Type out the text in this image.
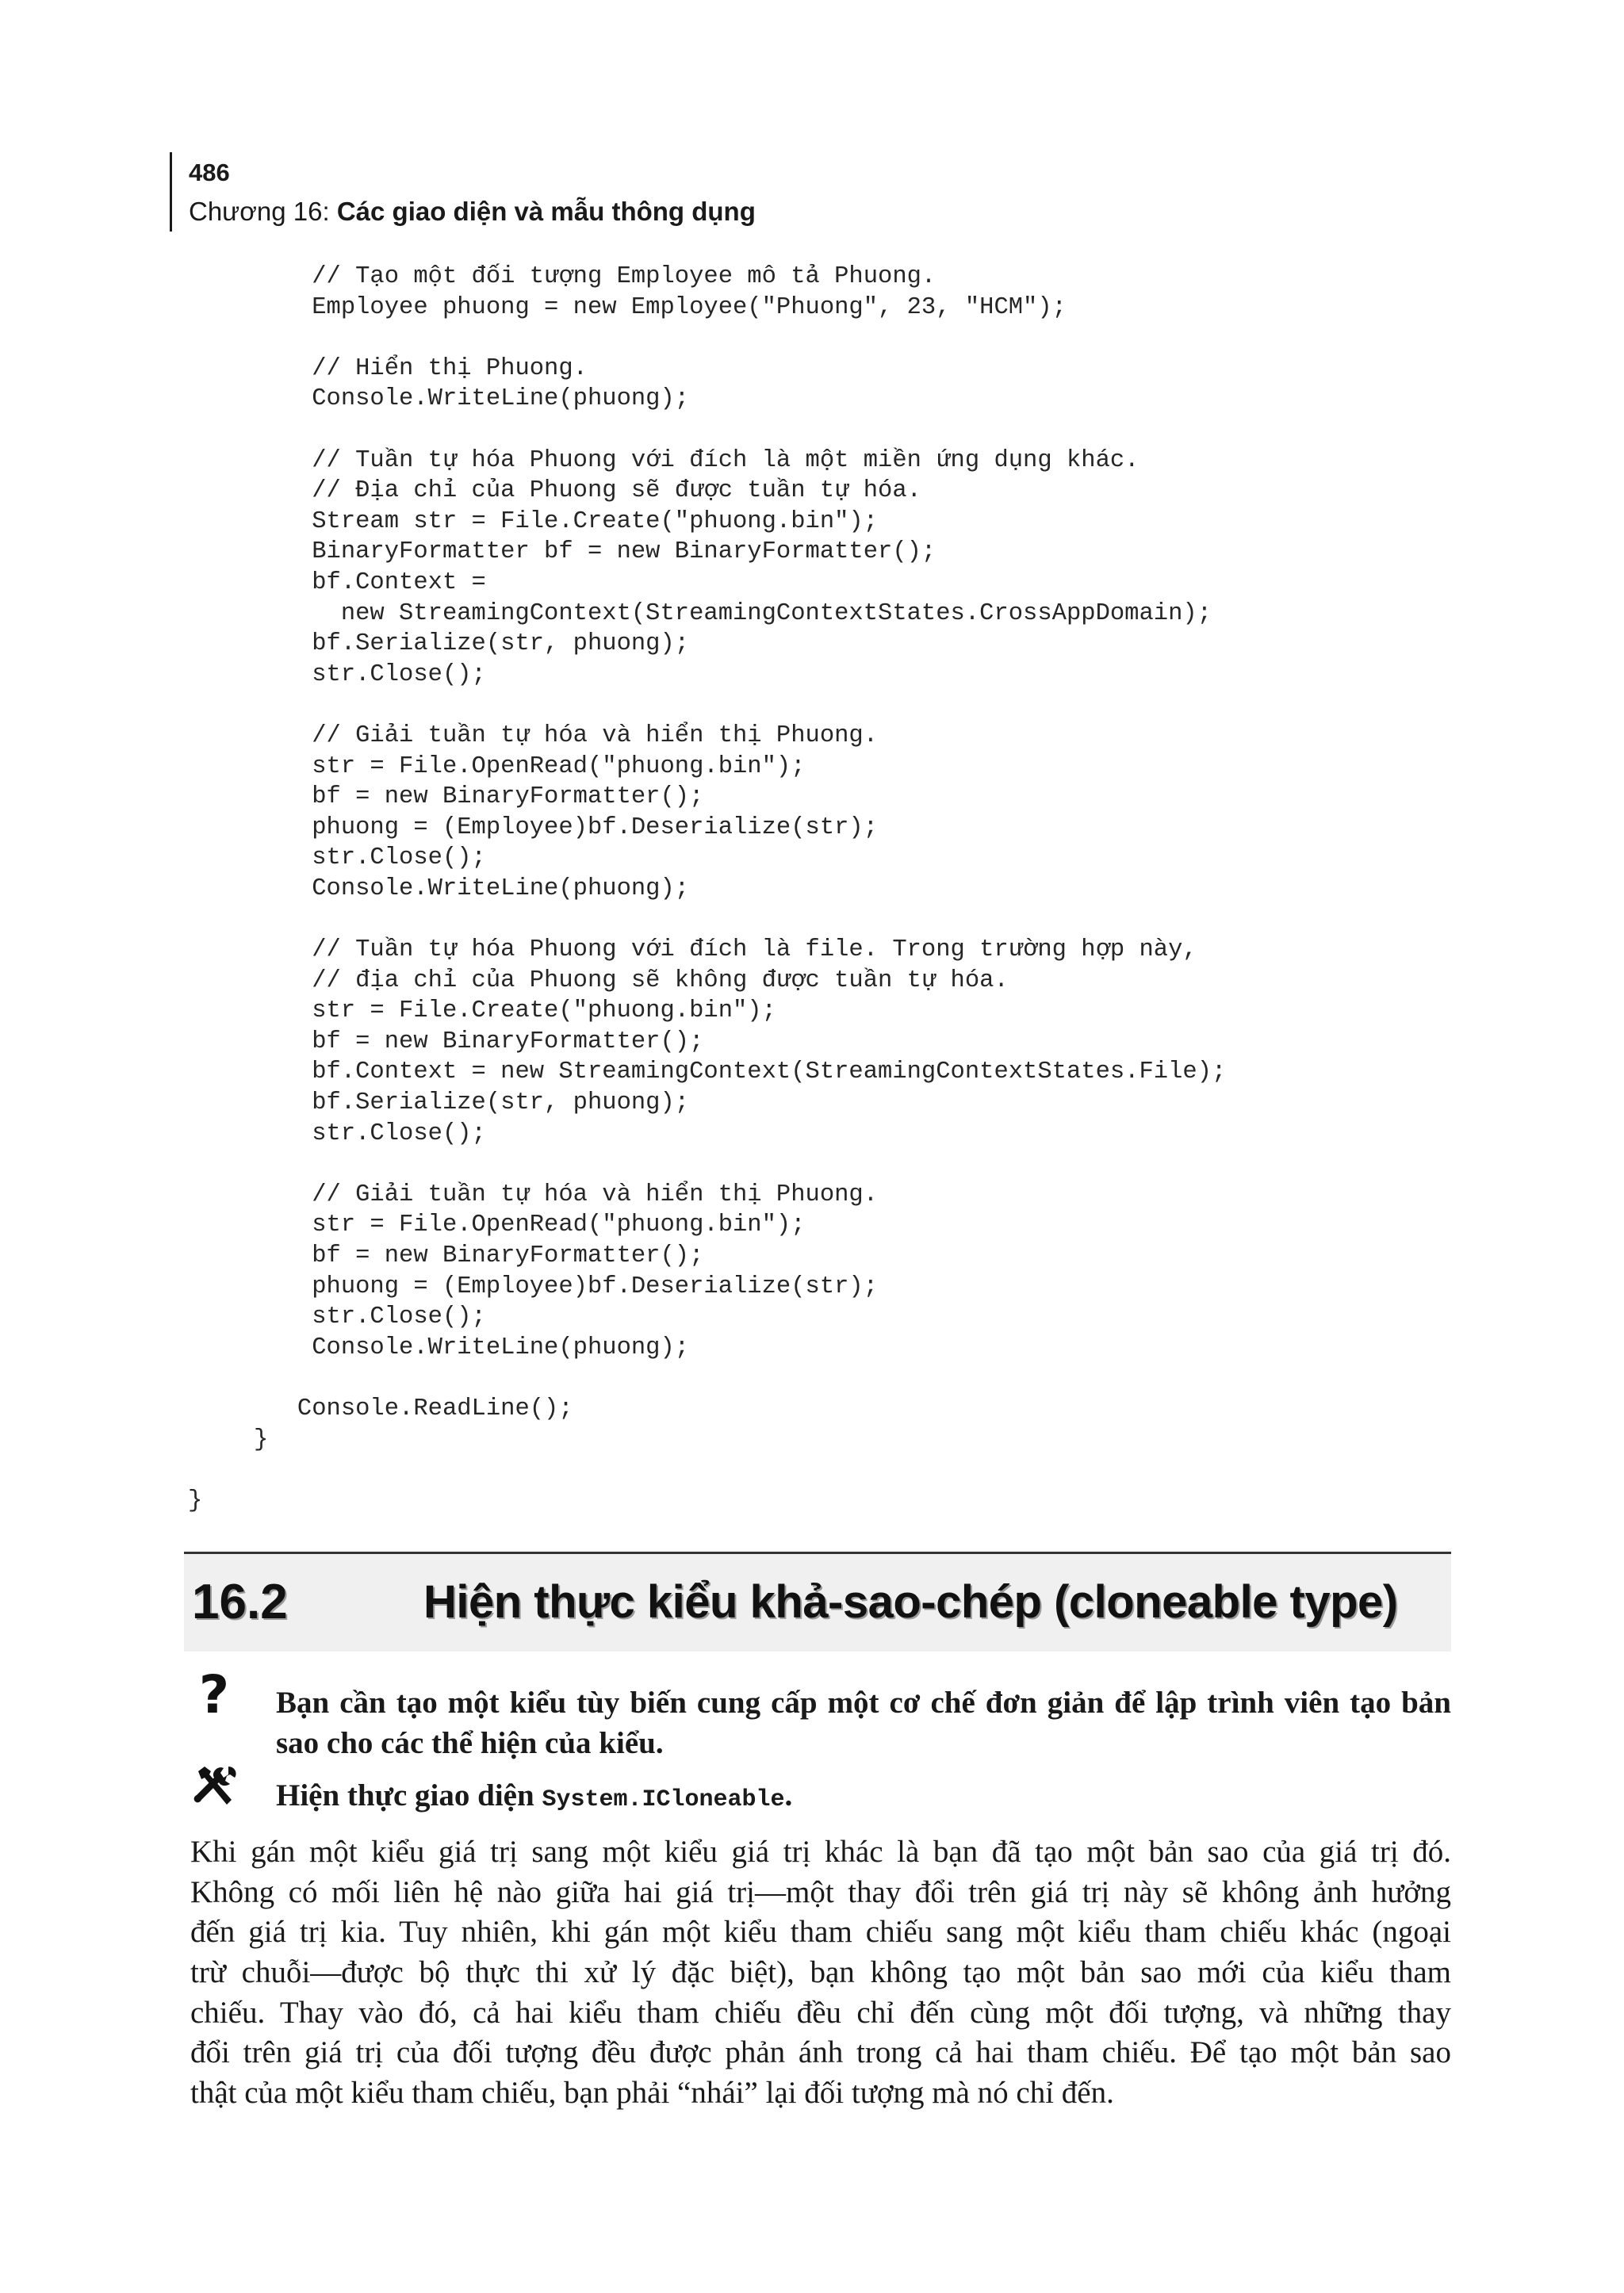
486
Chương 16: Các giao diện và mẫu thông dụng
// Tạo một đối tượng Employee mô tả Phuong.
Employee phuong = new Employee("Phuong", 23, "HCM");
// Hiển thị Phuong.
Console.WriteLine(phuong);
// Tuần tự hóa Phuong với đích là một miền ứng dụng khác.
// Địa chỉ của Phuong sẽ được tuần tự hóa.
Stream str = File.Create("phuong.bin");
BinaryFormatter bf = new BinaryFormatter();
bf.Context =
new StreamingContext(StreamingContextStates.CrossAppDomain);
bf.Serialize(str, phuong);
str.Close();
// Giải tuần tự hóa và hiển thị Phuong.
str = File.OpenRead("phuong.bin");
bf = new BinaryFormatter();
phuong = (Employee)bf.Deserialize(str);
str.Close();
Console.WriteLine(phuong);
// Tuần tự hóa Phuong với đích là file. Trong trường hợp này,
// địa chỉ của Phuong sẽ không được tuần tự hóa.
str = File.Create("phuong.bin");
bf = new BinaryFormatter();
bf.Context = new StreamingContext(StreamingContextStates.File);
bf.Serialize(str, phuong);
str.Close();
// Giải tuần tự hóa và hiển thị Phuong.
str = File.OpenRead("phuong.bin");
bf = new BinaryFormatter();
phuong = (Employee)bf.Deserialize(str);
str.Close();
Console.WriteLine(phuong);
Console.ReadLine();
}
}
16.2	Hiện thực kiểu khả-sao-chép (cloneable type)
? Bạn cần tạo một kiểu tùy biến cung cấp một cơ chế đơn giản để lập trình viên tạo bản sao cho các thể hiện của kiểu.
Hiện thực giao diện System.ICloneable.
Khi gán một kiểu giá trị sang một kiểu giá trị khác là bạn đã tạo một bản sao của giá trị đó.
Không có mối liên hệ nào giữa hai giá trị—một thay đổi trên giá trị này sẽ không ảnh hưởng
đến giá trị kia. Tuy nhiên, khi gán một kiểu tham chiếu sang một kiểu tham chiếu khác (ngoại
trừ chuỗi—được bộ thực thi xử lý đặc biệt), bạn không tạo một bản sao mới của kiểu tham
chiếu. Thay vào đó, cả hai kiểu tham chiếu đều chỉ đến cùng một đối tượng, và những thay
đổi trên giá trị của đối tượng đều được phản ánh trong cả hai tham chiếu. Để tạo một bản sao
thật của một kiểu tham chiếu, bạn phải “nhái” lại đối tượng mà nó chỉ đến.
